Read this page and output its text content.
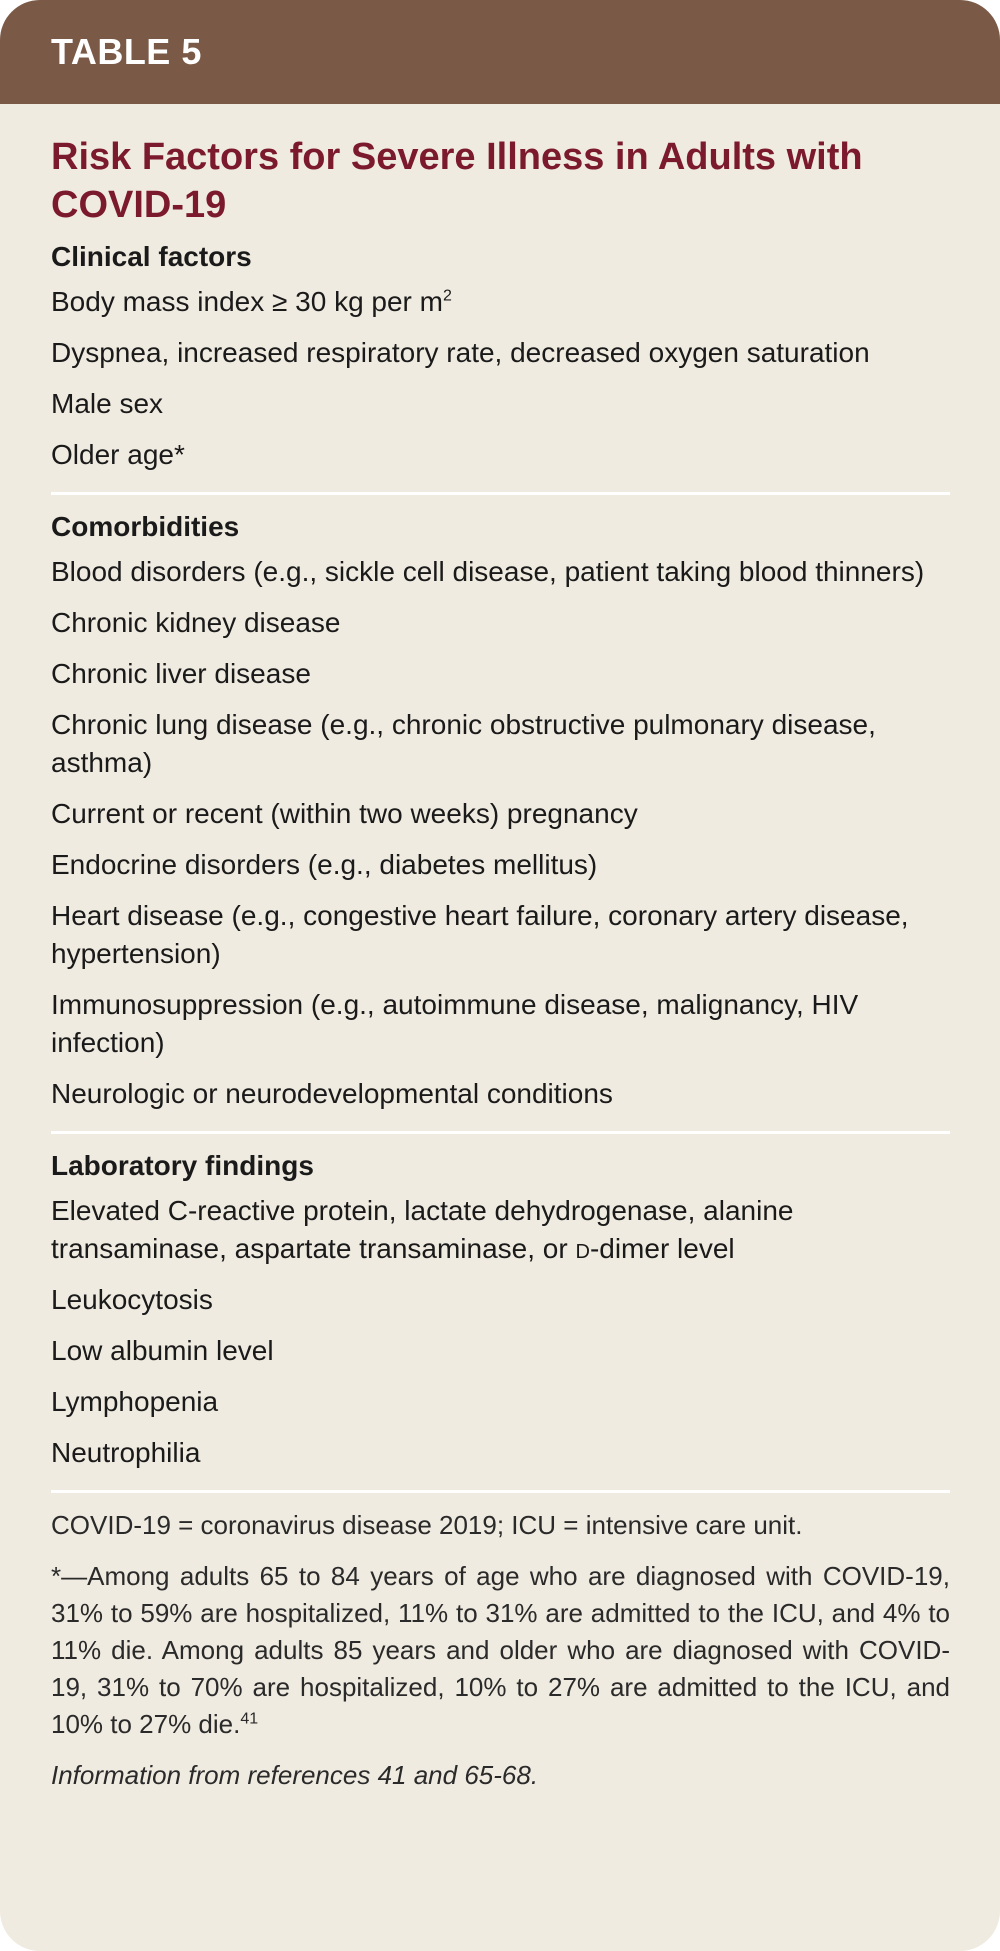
TABLE 5
Risk Factors for Severe Illness in Adults with COVID-19
Clinical factors
Body mass index ≥ 30 kg per $m^2$
Dyspnea, increased respiratory rate, decreased oxygen saturation
Male sex
Older age*
Comorbidities
Blood disorders (e.g., sickle cell disease, patient taking blood thinners)
Chronic kidney disease
Chronic liver disease
Chronic lung disease (e.g., chronic obstructive pulmonary disease, asthma)
Current or recent (within two weeks) pregnancy
Endocrine disorders (e.g., diabetes mellitus)
Heart disease (e.g., congestive heart failure, coronary artery disease, hypertension)
Immunosuppression (e.g., autoimmune disease, malignancy, HIV infection)
Neurologic or neurodevelopmental conditions
Laboratory findings
Elevated C-reactive protein, lactate dehydrogenase, alanine transaminase, aspartate transaminase, or d-dimer level
Leukocytosis
Low albumin level
Lymphopenia
Neutrophilia

COVID-19 = coronavirus disease 2019; ICU = intensive care unit.

*—Among adults 65 to 84 years of age who are diagnosed with COVID-19, 31% to 59% are hospitalized, 11% to 31% are admitted to the ICU, and 4% to 11% die. Among adults 85 years and older who are diagnosed with COVID-19, 31% to 70% are hospitalized, 10% to 27% are admitted to the ICU, and 10% to 27% die.$^{41}$

Information from references 41 and 65-68.
